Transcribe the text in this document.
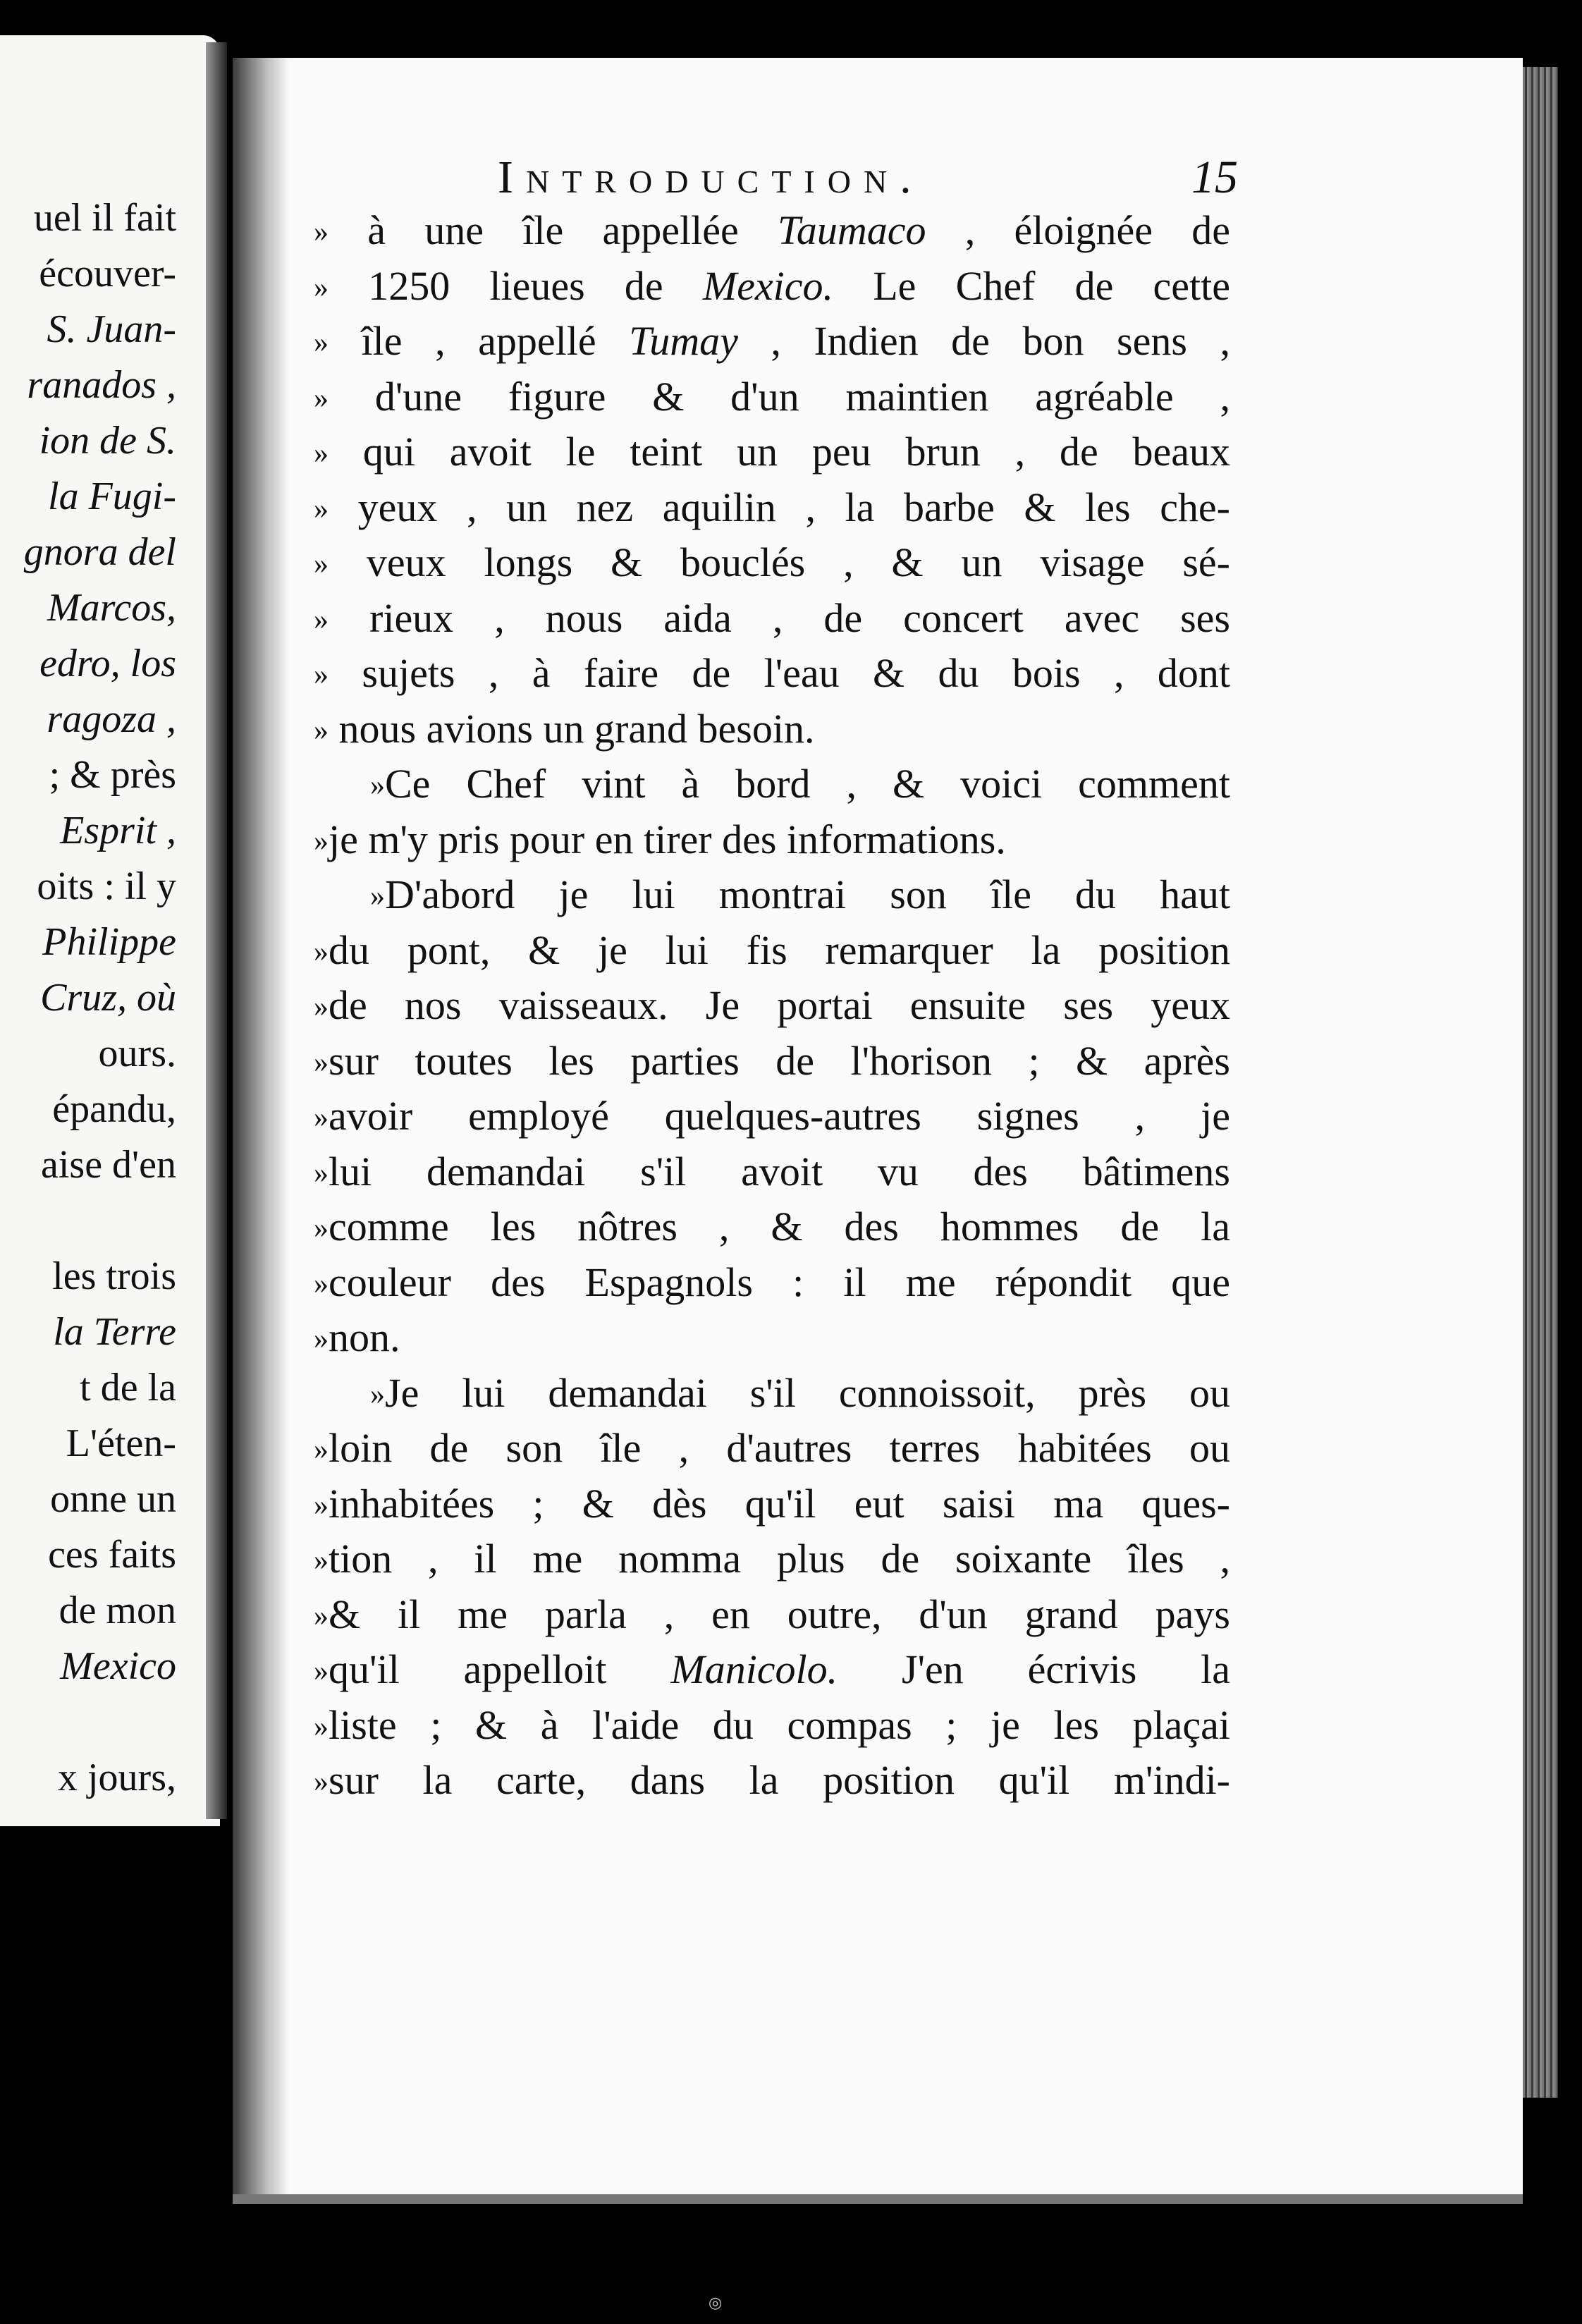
uel il fait
écouver-
S. Juan-
ranados ,
ion de S.
la Fugi-
gnora del
Marcos,
edro, los
ragoza ,
; & près
Esprit ,
oits : il y
Philippe
Cruz, où
ours.
épandu,
aise d'en

les trois
la Terre
t de la
L'éten-
onne un
ces faits
de mon
Mexico

x jours,
Introduction.	15
» à une île appellée Taumaco , éloignée de
» 1250 lieues de Mexico. Le Chef de cette
» île , appellé Tumay , Indien de bon sens ,
» d'une figure & d'un maintien agréable ,
» qui avoit le teint un peu brun , de beaux
» yeux , un nez aquilin , la barbe & les che-
» veux longs & bouclés , & un visage sé-
» rieux , nous aida , de concert avec ses
» sujets , à faire de l'eau & du bois , dont
» nous avions un grand besoin.
»Ce Chef vint à bord , & voici comment
»je m'y pris pour en tirer des informations.
»D'abord je lui montrai son île du haut
»du pont, & je lui fis remarquer la position
»de nos vaisseaux. Je portai ensuite ses yeux
»sur toutes les parties de l'horison ; & après
»avoir employé quelques-autres signes , je
»lui demandai s'il avoit vu des bâtimens
»comme les nôtres , & des hommes de la
»couleur des Espagnols : il me répondit que
»non.
»Je lui demandai s'il connoissoit, près ou
»loin de son île , d'autres terres habitées ou
»inhabitées ; & dès qu'il eut saisi ma ques-
»tion , il me nomma plus de soixante îles ,
»& il me parla , en outre, d'un grand pays
»qu'il appelloit Manicolo. J'en écrivis la
»liste ; & à l'aide du compas ; je les plaçai
»sur la carte, dans la position qu'il m'indi-
◎
